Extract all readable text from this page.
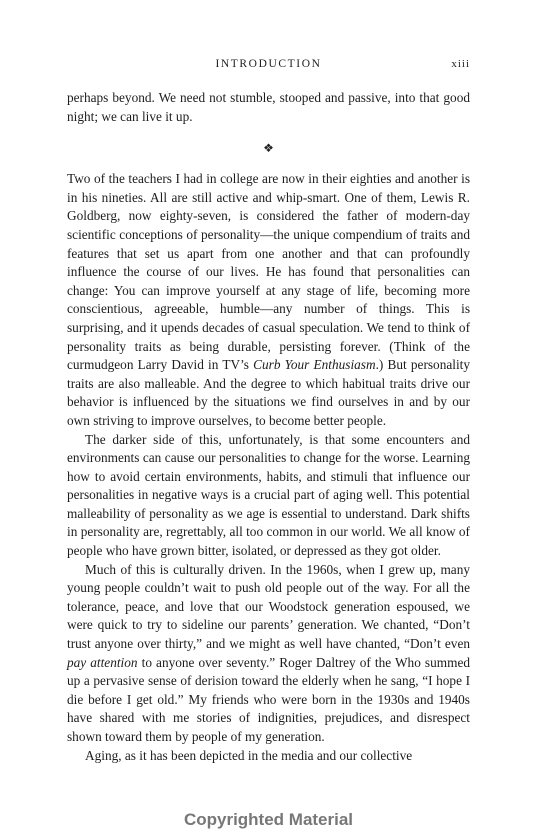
INTRODUCTION	xiii

perhaps beyond. We need not stumble, stooped and passive, into that good night; we can live it up.

❖

Two of the teachers I had in college are now in their eighties and another is in his nineties. All are still active and whip-smart. One of them, Lewis R. Goldberg, now eighty-seven, is considered the father of modern-day scientific conceptions of personality—the unique compendium of traits and features that set us apart from one another and that can profoundly influence the course of our lives. He has found that personalities can change: You can improve yourself at any stage of life, becoming more conscientious, agreeable, humble—any number of things. This is surprising, and it upends decades of casual speculation. We tend to think of personality traits as being durable, persisting forever. (Think of the curmudgeon Larry David in TV’s Curb Your Enthusiasm.) But personality traits are also malleable. And the degree to which habitual traits drive our behavior is influenced by the situations we find ourselves in and by our own striving to improve ourselves, to become better people.

The darker side of this, unfortunately, is that some encounters and environments can cause our personalities to change for the worse. Learning how to avoid certain environments, habits, and stimuli that influence our personalities in negative ways is a crucial part of aging well. This potential malleability of personality as we age is essential to understand. Dark shifts in personality are, regrettably, all too common in our world. We all know of people who have grown bitter, isolated, or depressed as they got older.

Much of this is culturally driven. In the 1960s, when I grew up, many young people couldn’t wait to push old people out of the way. For all the tolerance, peace, and love that our Woodstock generation espoused, we were quick to try to sideline our parents’ generation. We chanted, “Don’t trust anyone over thirty,” and we might as well have chanted, “Don’t even pay attention to anyone over seventy.” Roger Daltrey of the Who summed up a pervasive sense of derision toward the elderly when he sang, “I hope I die before I get old.” My friends who were born in the 1930s and 1940s have shared with me stories of indignities, prejudices, and disrespect shown toward them by people of my generation.

Aging, as it has been depicted in the media and our collective

Copyrighted Material
